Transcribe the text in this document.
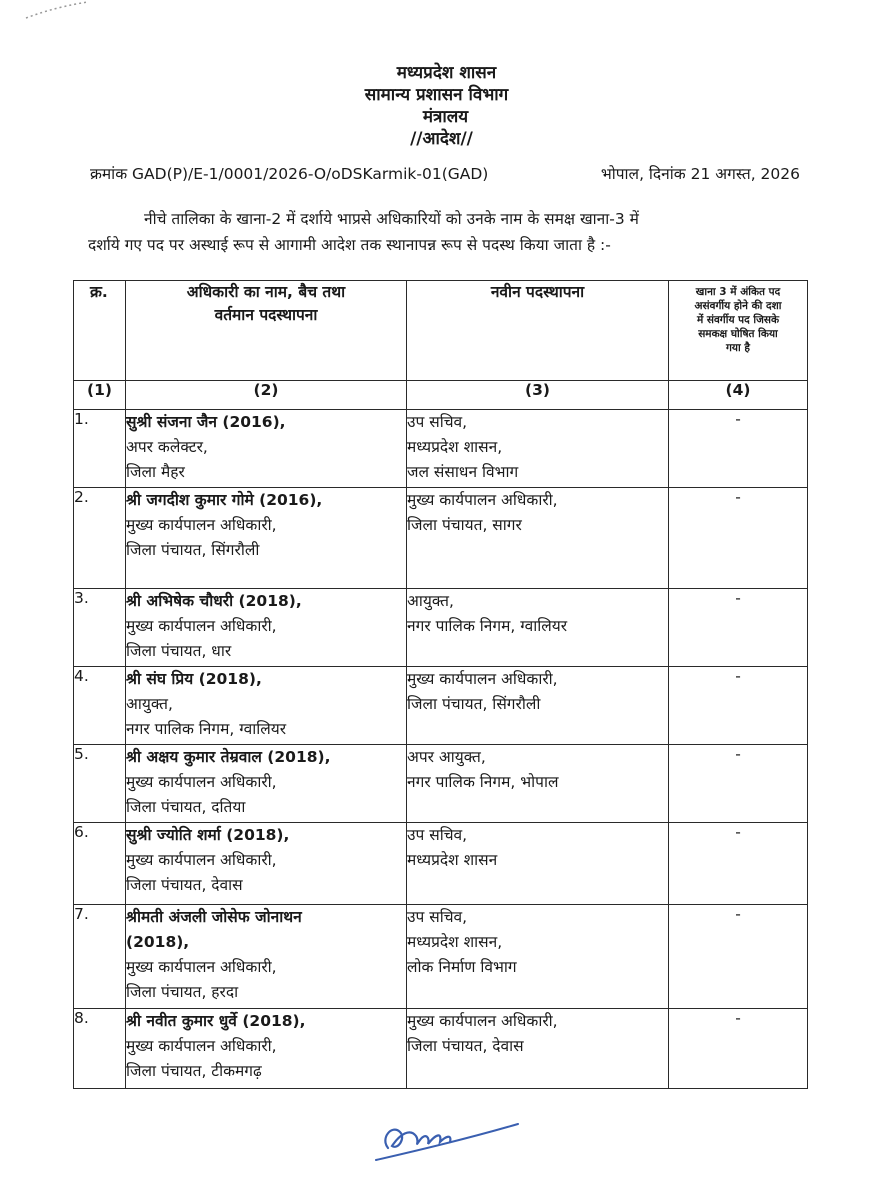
मध्यप्रदेश शासन
सामान्य प्रशासन विभाग
मंत्रालय
//आदेश//
क्रमांक GAD(P)/E-1/0001/2026-O/oDSKarmik-01(GAD)	भोपाल, दिनांक 21 अगस्त, 2026
नीचे तालिका के खाना-2 में दर्शाये भाप्रसे अधिकारियों को उनके नाम के समक्ष खाना-3 में
दर्शाये गए पद पर अस्थाई रूप से आगामी आदेश तक स्थानापन्न रूप से पदस्थ किया जाता है :-
क्र.	अधिकारी का नाम, बैच तथा
वर्तमान पदस्थापना	नवीन पदस्थापना	खाना 3 में अंकित पद
असंवर्गीय होने की दशा
में संवर्गीय पद जिसके
समकक्ष घोषित किया
गया है

(1)	(2)	(3)	(4)
1.	सुश्री संजना जैन (2016),
अपर कलेक्टर,
जिला मैहर	उप सचिव,
मध्यप्रदेश शासन,
जल संसाधन विभाग	-
2.	श्री जगदीश कुमार गोमे (2016),
मुख्य कार्यपालन अधिकारी,
जिला पंचायत, सिंगरौली	मुख्य कार्यपालन अधिकारी,
जिला पंचायत, सागर	-
3.	श्री अभिषेक चौधरी (2018),
मुख्य कार्यपालन अधिकारी,
जिला पंचायत, धार	आयुक्त,
नगर पालिक निगम, ग्वालियर	-
4.	श्री संघ प्रिय (2018),
आयुक्त,
नगर पालिक निगम, ग्वालियर	मुख्य कार्यपालन अधिकारी,
जिला पंचायत, सिंगरौली	-
5.	श्री अक्षय कुमार तेम्रवाल (2018),
मुख्य कार्यपालन अधिकारी,
जिला पंचायत, दतिया	अपर आयुक्त,
नगर पालिक निगम, भोपाल	-
6.	सुश्री ज्योति शर्मा (2018),
मुख्य कार्यपालन अधिकारी,
जिला पंचायत, देवास	उप सचिव,
मध्यप्रदेश शासन	-
7.	श्रीमती अंजली जोसेफ जोनाथन
(2018),
मुख्य कार्यपालन अधिकारी,
जिला पंचायत, हरदा	उप सचिव,
मध्यप्रदेश शासन,
लोक निर्माण विभाग	-
8.	श्री नवीत कुमार धुर्वे (2018),
मुख्य कार्यपालन अधिकारी,
जिला पंचायत, टीकमगढ़	मुख्य कार्यपालन अधिकारी,
जिला पंचायत, देवास	-
